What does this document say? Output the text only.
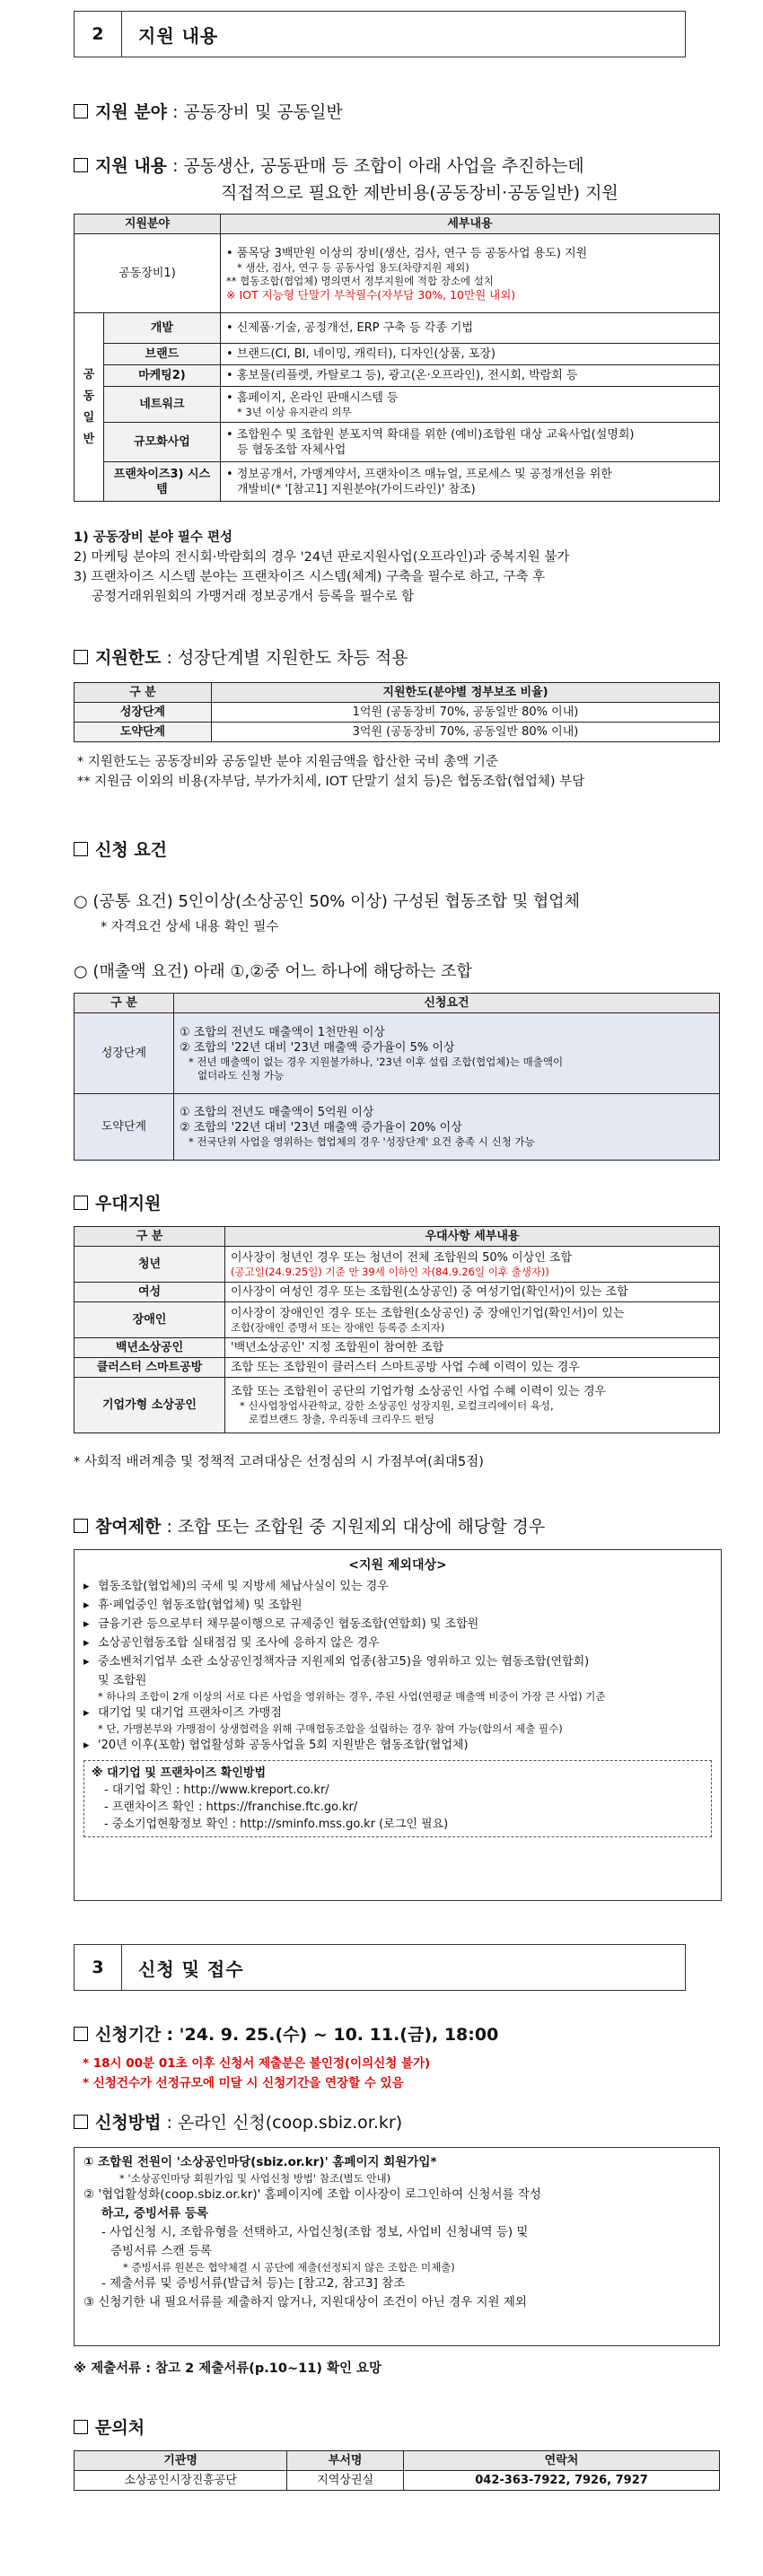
2	지원 내용
지원 분야 : 공동장비 및 공동일반
지원 내용 : 공동생산, 공동판매 등 조합이 아래 사업을 추진하는데
직접적으로 필요한 제반비용(공동장비·공동일반) 지원
지원분야		세부내용
공동장비1)		• 품목당 3백만원 이상의 장비(생산, 검사, 연구 등 공동사업 용도) 지원
* 생산, 검사, 연구 등 공동사업 용도(차량지원 제외)
** 협동조합(협업체) 명의면서 정부지원에 적합 장소에 설치
※ IOT 지능형 단말기 부착필수(자부담 30%, 10만원 내외)

공
동
일
반	개발	• 신제품·기술, 공정개선, ERP 구축 등 각종 기법
	브랜드	• 브랜드(CI, BI, 네이밍, 캐릭터), 디자인(상품, 포장)
	마케팅2)	• 홍보물(리플렛, 카탈로그 등), 광고(온·오프라인), 전시회, 박람회 등
	네트워크	• 홈페이지, 온라인 판매시스템 등
* 3년 이상 유지관리 의무

	규모화사업	• 조합원수 및 조합원 분포지역 확대를 위한 (예비)조합원 대상 교육사업(설명회)
등 협동조합 자체사업

	프랜차이즈3) 시스템	• 정보공개서, 가맹계약서, 프랜차이즈 매뉴얼, 프로세스 및 공정개선을 위한
개발비(* '[참고1] 지원분야(가이드라인)' 참조)
1) 공동장비 분야 필수 편성
2) 마케팅 분야의 전시회·박람회의 경우 '24년 판로지원사업(오프라인)과 중복지원 불가
3) 프랜차이즈 시스템 분야는 프랜차이즈 시스템(체계) 구축을 필수로 하고, 구축 후
공정거래위원회의 가맹거래 정보공개서 등록을 필수로 함
지원한도 : 성장단계별 지원한도 차등 적용
구 분	지원한도(분야별 정부보조 비율)
성장단계	1억원 (공동장비 70%, 공동일반 80% 이내)
도약단계	3억원 (공동장비 70%, 공동일반 80% 이내)
* 지원한도는 공동장비와 공동일반 분야 지원금액을 합산한 국비 총액 기준
** 지원금 이외의 비용(자부담, 부가가치세, IOT 단말기 설치 등)은 협동조합(협업체) 부담
신청 요건
○ (공통 요건) 5인이상(소상공인 50% 이상) 구성된 협동조합 및 협업체
* 자격요건 상세 내용 확인 필수
○ (매출액 요건) 아래 ①,②중 어느 하나에 해당하는 조합
구 분	신청요건
성장단계	① 조합의 전년도 매출액이 1천만원 이상
② 조합의 '22년 대비 '23년 매출액 증가율이 5% 이상
* 전년 매출액이 없는 경우 지원불가하나, '23년 이후 설립 조합(협업체)는 매출액이
없더라도 신청 가능

도약단계	① 조합의 전년도 매출액이 5억원 이상
② 조합의 '22년 대비 '23년 매출액 증가율이 20% 이상
* 전국단위 사업을 영위하는 협업체의 경우 '성장단계' 요건 충족 시 신청 가능
우대지원
구 분	우대사항 세부내용
청년	이사장이 청년인 경우 또는 청년이 전체 조합원의 50% 이상인 조합
(공고일(24.9.25일) 기준 만 39세 이하인 자(84.9.26일 이후 출생자))

여성	이사장이 여성인 경우 또는 조합원(소상공인) 중 여성기업(확인서)이 있는 조합
장애인	이사장이 장애인인 경우 또는 조합원(소상공인) 중 장애인기업(확인서)이 있는
조합(장애인 증명서 또는 장애인 등록증 소지자)

백년소상공인	'백년소상공인' 지정 조합원이 참여한 조합
클러스터 스마트공방	조합 또는 조합원이 클러스터 스마트공방 사업 수혜 이력이 있는 경우
기업가형 소상공인	조합 또는 조합원이 공단의 기업가형 소상공인 사업 수혜 이력이 있는 경우
* 신사업창업사관학교, 강한 소상공인 성장지원, 로컬크리에이터 육성,
로컬브랜드 창출, 우리동네 크리우드 펀딩
* 사회적 배려계층 및 정책적 고려대상은 선정심의 시 가점부여(최대5점)
참여제한 : 조합 또는 조합원 중 지원제외 대상에 해당할 경우
<지원 제외대상>
▸ 협동조합(협업체)의 국세 및 지방세 체납사실이 있는 경우
▸ 휴·폐업중인 협동조합(협업체) 및 조합원
▸ 금융기관 등으로부터 채무불이행으로 규제중인 협동조합(연합회) 및 조합원
▸ 소상공인협동조합 실태점검 및 조사에 응하지 않은 경우
▸ 중소벤처기업부 소관 소상공인정책자금 지원제외 업종(참고5)을 영위하고 있는 협동조합(연합회)
및 조합원
* 하나의 조합이 2개 이상의 서로 다른 사업을 영위하는 경우, 주된 사업(연평균 매출액 비중이 가장 큰 사업) 기준
▸ 대기업 및 대기업 프랜차이즈 가맹점
* 단, 가맹본부와 가맹점이 상생협력을 위해 구매협동조합을 설립하는 경우 참여 가능(합의서 제출 필수)
▸ '20년 이후(포함) 협업활성화 공동사업을 5회 지원받은 협동조합(협업체)
※ 대기업 및 프랜차이즈 확인방법
- 대기업 확인 : http://www.kreport.co.kr/
- 프랜차이즈 확인 : https://franchise.ftc.go.kr/
- 중소기업현황정보 확인 : http://sminfo.mss.go.kr (로그인 필요)
3	신청 및 접수
신청기간 : '24. 9. 25.(수) ~ 10. 11.(금), 18:00
* 18시 00분 01초 이후 신청서 제출분은 불인정(이의신청 불가)
* 신청건수가 선정규모에 미달 시 신청기간을 연장할 수 있음
신청방법 : 온라인 신청(coop.sbiz.or.kr)
① 조합원 전원이 '소상공인마당(sbiz.or.kr)' 홈페이지 회원가입*
* '소상공인마당 회원가입 및 사업신청 방법' 참조(별도 안내)
② '협업활성화(coop.sbiz.or.kr)' 홈페이지에 조합 이사장이 로그인하여 신청서를 작성
하고, 증빙서류 등록
- 사업신청 시, 조합유형을 선택하고, 사업신청(조합 정보, 사업비 신청내역 등) 및
증빙서류 스캔 등록
* 증빙서류 원본은 협약체결 시 공단에 제출(선정되지 않은 조합은 미제출)
- 제출서류 및 증빙서류(발급처 등)는 [참고2, 참고3] 참조
③ 신청기한 내 필요서류를 제출하지 않거나, 지원대상이 조건이 아닌 경우 지원 제외
※ 제출서류 : 참고 2 제출서류(p.10~11) 확인 요망
문의처
기관명	부서명	연락처
소상공인시장진흥공단	지역상권실	042-363-7922, 7926, 7927
